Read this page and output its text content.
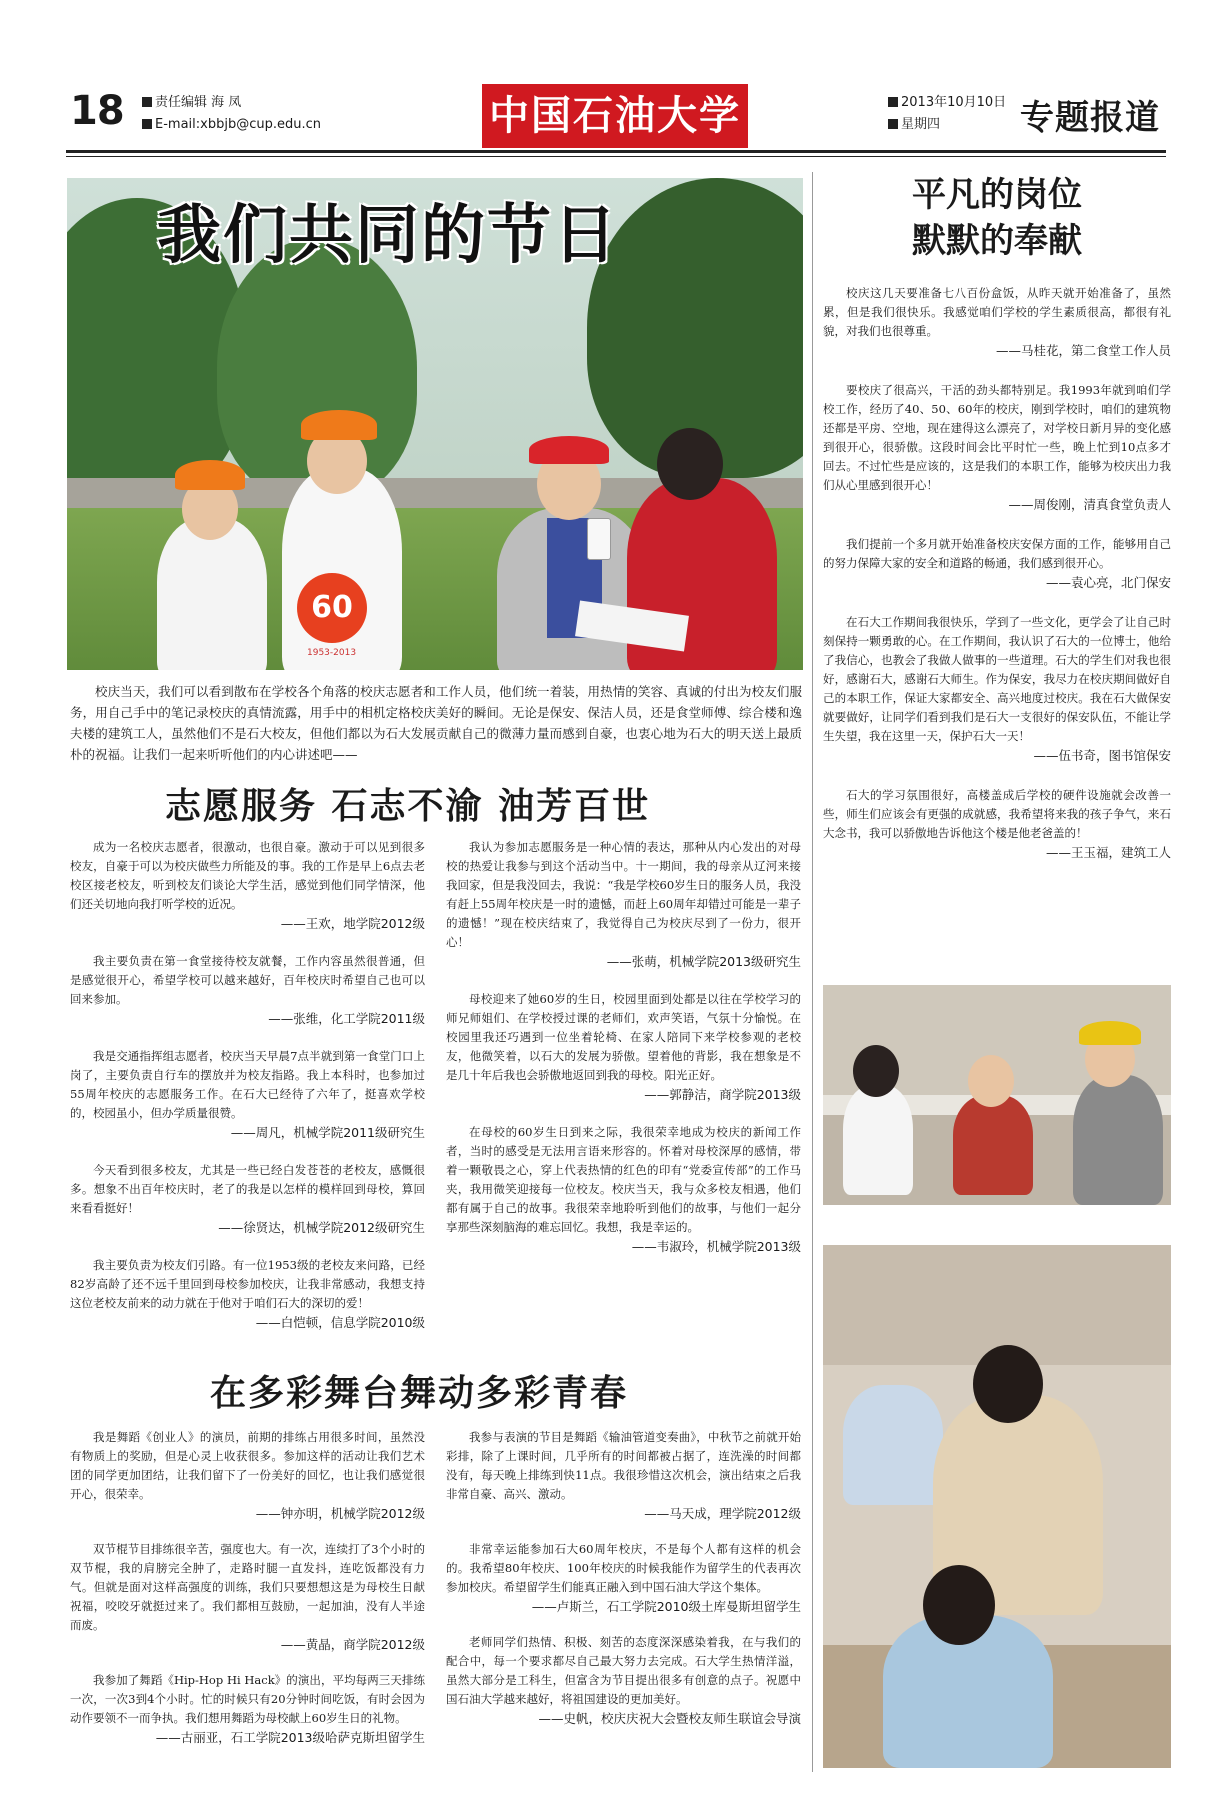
18	责任编辑 海 凤
E-mail:xbbjb@cup.edu.cn	中国石油大学	2013年10月10日
星期四	专题报道
60
1953-2013
我们共同的节日
校庆当天，我们可以看到散布在学校各个角落的校庆志愿者和工作人员，他们统一着装，用热情的笑容、真诚的付出为校友们服务，用自己手中的笔记录校庆的真情流露，用手中的相机定格校庆美好的瞬间。无论是保安、保洁人员，还是食堂师傅、综合楼和逸夫楼的建筑工人，虽然他们不是石大校友，但他们都以为石大发展贡献自己的微薄力量而感到自豪，也衷心地为石大的明天送上最质朴的祝福。让我们一起来听听他们的内心讲述吧——
平凡的岗位
默默的奉献
校庆这几天要准备七八百份盒饭，从昨天就开始准备了，虽然累，但是我们很快乐。我感觉咱们学校的学生素质很高，都很有礼貌，对我们也很尊重。
——马桂花，第二食堂工作人员
要校庆了很高兴，干活的劲头都特别足。我1993年就到咱们学校工作，经历了40、50、60年的校庆，刚到学校时，咱们的建筑物还都是平房、空地，现在建得这么漂亮了，对学校日新月异的变化感到很开心，很骄傲。这段时间会比平时忙一些，晚上忙到10点多才回去。不过忙些是应该的，这是我们的本职工作，能够为校庆出力我们从心里感到很开心！
——周俊刚，清真食堂负责人
我们提前一个多月就开始准备校庆安保方面的工作，能够用自己的努力保障大家的安全和道路的畅通，我们感到很开心。
——袁心亮，北门保安
在石大工作期间我很快乐，学到了一些文化，更学会了让自己时刻保持一颗勇敢的心。在工作期间，我认识了石大的一位博士，他给了我信心，也教会了我做人做事的一些道理。石大的学生们对我也很好，感谢石大，感谢石大师生。作为保安，我尽力在校庆期间做好自己的本职工作，保证大家都安全、高兴地度过校庆。我在石大做保安就要做好，让同学们看到我们是石大一支很好的保安队伍，不能让学生失望，我在这里一天，保护石大一天！
——伍书奇，图书馆保安
石大的学习氛围很好，高楼盖成后学校的硬件设施就会改善一些，师生们应该会有更强的成就感，我希望将来我的孩子争气，来石大念书，我可以骄傲地告诉他这个楼是他老爸盖的！
——王玉福，建筑工人
志愿服务 石志不渝 油芳百世
成为一名校庆志愿者，很激动，也很自豪。激动于可以见到很多校友，自豪于可以为校庆做些力所能及的事。我的工作是早上6点去老校区接老校友，听到校友们谈论大学生活，感觉到他们同学情深，他们还关切地向我打听学校的近况。
——王欢，地学院2012级
我主要负责在第一食堂接待校友就餐，工作内容虽然很普通，但是感觉很开心，希望学校可以越来越好，百年校庆时希望自己也可以回来参加。
——张维，化工学院2011级
我是交通指挥组志愿者，校庆当天早晨7点半就到第一食堂门口上岗了，主要负责自行车的摆放并为校友指路。我上本科时，也参加过55周年校庆的志愿服务工作。在石大已经待了六年了，挺喜欢学校的，校园虽小，但办学质量很赞。
——周凡，机械学院2011级研究生
今天看到很多校友，尤其是一些已经白发苍苍的老校友，感慨很多。想象不出百年校庆时，老了的我是以怎样的模样回到母校，算回来看看挺好！
——徐贤达，机械学院2012级研究生
我主要负责为校友们引路。有一位1953级的老校友来问路，已经82岁高龄了还不远千里回到母校参加校庆，让我非常感动，我想支持这位老校友前来的动力就在于他对于咱们石大的深切的爱！
——白恺顿，信息学院2010级
我认为参加志愿服务是一种心情的表达，那种从内心发出的对母校的热爱让我参与到这个活动当中。十一期间，我的母亲从辽河来接我回家，但是我没回去，我说：“我是学校60岁生日的服务人员，我没有赶上55周年校庆是一时的遗憾，而赶上60周年却错过可能是一辈子的遗憾！”现在校庆结束了，我觉得自己为校庆尽到了一份力，很开心！
——张萌，机械学院2013级研究生
母校迎来了她60岁的生日，校园里面到处都是以往在学校学习的师兄师姐们、在学校授过课的老师们，欢声笑语，气氛十分愉悦。在校园里我还巧遇到一位坐着轮椅、在家人陪同下来学校参观的老校友，他微笑着，以石大的发展为骄傲。望着他的背影，我在想象是不是几十年后我也会骄傲地返回到我的母校。阳光正好。
——郭静洁，商学院2013级
在母校的60岁生日到来之际，我很荣幸地成为校庆的新闻工作者，当时的感受是无法用言语来形容的。怀着对母校深厚的感情，带着一颗敬畏之心，穿上代表热情的红色的印有“党委宣传部”的工作马夹，我用微笑迎接每一位校友。校庆当天，我与众多校友相遇，他们都有属于自己的故事。我很荣幸地聆听到他们的故事，与他们一起分享那些深刻脑海的难忘回忆。我想，我是幸运的。
——韦淑玲，机械学院2013级
在多彩舞台舞动多彩青春
我是舞蹈《创业人》的演员，前期的排练占用很多时间，虽然没有物质上的奖励，但是心灵上收获很多。参加这样的活动让我们艺术团的同学更加团结，让我们留下了一份美好的回忆，也让我们感觉很开心，很荣幸。
——钟亦明，机械学院2012级
双节棍节目排练很辛苦，强度也大。有一次，连续打了3个小时的双节棍，我的肩膀完全肿了，走路时腿一直发抖，连吃饭都没有力气。但就是面对这样高强度的训练，我们只要想想这是为母校生日献祝福，咬咬牙就挺过来了。我们都相互鼓励，一起加油，没有人半途而废。
——黄晶，商学院2012级
我参加了舞蹈《Hip-Hop Hi Hack》的演出，平均每两三天排练一次，一次3到4个小时。忙的时候只有20分钟时间吃饭，有时会因为动作要领不一而争执。我们想用舞蹈为母校献上60岁生日的礼物。
——古丽亚，石工学院2013级哈萨克斯坦留学生
我参与表演的节目是舞蹈《输油管道变奏曲》，中秋节之前就开始彩排，除了上课时间，几乎所有的时间都被占据了，连洗澡的时间都没有，每天晚上排练到快11点。我很珍惜这次机会，演出结束之后我非常自豪、高兴、激动。
——马天成，理学院2012级
非常幸运能参加石大60周年校庆，不是每个人都有这样的机会的。我希望80年校庆、100年校庆的时候我能作为留学生的代表再次参加校庆。希望留学生们能真正融入到中国石油大学这个集体。
——卢斯兰，石工学院2010级土库曼斯坦留学生
老师同学们热情、积极、刻苦的态度深深感染着我，在与我们的配合中，每一个要求都尽自己最大努力去完成。石大学生热情洋溢，虽然大部分是工科生，但富含为节目提出很多有创意的点子。祝愿中国石油大学越来越好，将祖国建设的更加美好。
——史帆，校庆庆祝大会暨校友师生联谊会导演
